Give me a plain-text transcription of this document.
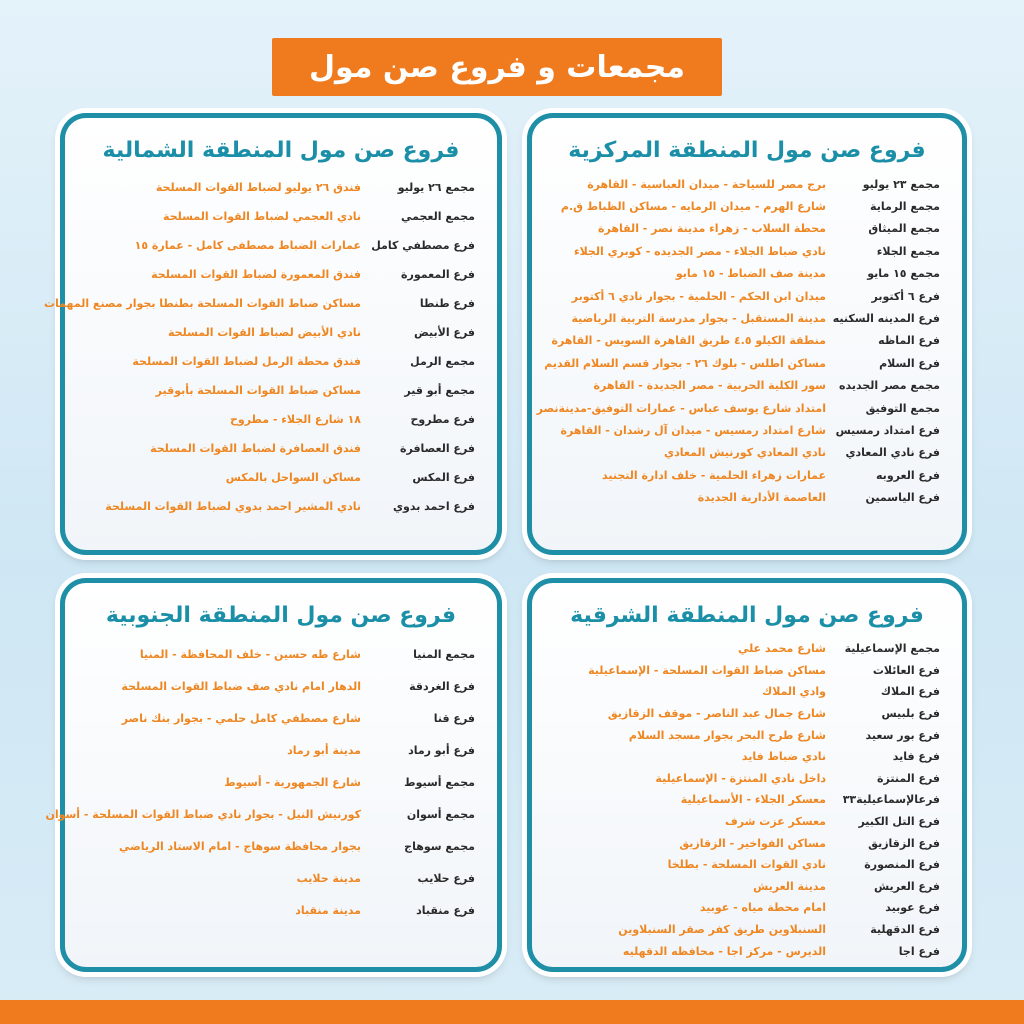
مجمعات و فروع صن مول
فروع صن مول المنطقة المركزية
مجمع ٢٣ يوليو
برج مصر للسياحة - ميدان العباسية - القاهرة
مجمع الرماية
شارع الهرم - ميدان الرمايه - مساكن الظباط ق.م
مجمع الميثاق
محطة السلاب - زهراء مدينة نصر - القاهرة
مجمع الجلاء
نادي ضباط الجلاء - مصر الجديده - كوبري الجلاء
مجمع ١٥ مايو
مدينة صف الضباط - ١٥ مايو
فرع ٦ أكتوبر
ميدان ابن الحكم - الحلمية - بجوار نادي ٦ أكتوبر
فرع المدينه السكنيه
مدينة المستقبل - بجوار مدرسة التربية الرياضية
فرع الماظه
منطقة الكيلو ٤.٥ طريق القاهرة السويس - القاهرة
فرع السلام
مساكن اطلس - بلوك ٢٦ - بجوار قسم السلام القديم
مجمع مصر الجديده
سور الكلية الحربية - مصر الجديدة - القاهرة
مجمع التوفيق
امتداد شارع يوسف عباس - عمارات التوفيق-مدينةنصر
فرع امتداد رمسيس
شارع امتداد رمسيس - ميدان آل رشدان - القاهرة
فرع نادي المعادي
نادي المعادي كورنيش المعادي
فرع العروبه
عمارات زهراء الحلمية - خلف ادارة التجنيد
فرع الياسمين
العاصمة الأدارية الجديدة
فروع صن مول المنطقة الشمالية
مجمع ٢٦ يوليو
فندق ٢٦ يوليو لضباط القوات المسلحة
مجمع العجمي
نادي العجمي لضباط القوات المسلحة
فرع مصطفي كامل
عمارات الضباط مصطفى كامل - عمارة ١٥
فرع المعمورة
فندق المعمورة لضباط القوات المسلحة
فرع طنطا
مساكن ضباط القوات المسلحة بطنطا بجوار مصنع المهمات
فرع الأبيض
نادي الأبيض لضباط القوات المسلحة
مجمع الرمل
فندق محطة الرمل لضباط القوات المسلحة
مجمع أبو قير
مساكن ضباط القوات المسلحة بأبوقير
فرع مطروح
١٨ شارع الجلاء - مطروح
فرع العصافرة
فندق العصافرة لضباط القوات المسلحة
فرع المكس
مساكن السواحل بالمكس
فرع احمد بدوي
نادي المشير احمد بدوي لضباط القوات المسلحة
فروع صن مول المنطقة الشرقية
مجمع الإسماعيلية
شارع محمد علي
فرع العائلات
مساكن ضباط القوات المسلحة - الإسماعيلية
فرع الملاك
وادي الملاك
فرع بلبيس
شارع جمال عبد الناصر - موقف الزقازيق
فرع بور سعيد
شارع طرح البحر بجوار مسجد السلام
فرع فايد
نادي ضباط فايد
فرع المنتزة
داخل نادي المنتزة - الإسماعيلية
فرعالإسماعيلية٣٣
معسكر الجلاء - الأسماعيلية
فرع التل الكبير
معسكر عزت شرف
فرع الزقازيق
مساكن الفواخير - الزقازيق
فرع المنصورة
نادي القوات المسلحة - بطلخا
فرع العريش
مدينة العريش
فرع عوبيد
امام محطة مياه - عوبيد
فرع الدقهلية
السنبلاوين طريق كفر صقر السنبلاوين
فرع اجا
الديرس - مركز اجا - محافظه الدقهليه
فروع صن مول المنطقة الجنوبية
مجمع المنيا
شارع طه حسين - خلف المحافظة - المنيا
فرع الغردقة
الدهار امام نادي صف ضباط القوات المسلحة
فرع قنا
شارع مصطفي كامل حلمي - بجوار بنك ناصر
فرع أبو رماد
مدينة أبو رماد
مجمع أسيوط
شارع الجمهورية - أسيوط
مجمع أسوان
كورنيش النيل - بجوار نادي ضباط القوات المسلحة - أسوان
مجمع سوهاج
بجوار محافظة سوهاج - امام الاستاد الرياضي
فرع حلايب
مدينة حلايب
فرع منقباد
مدينة منقباد
